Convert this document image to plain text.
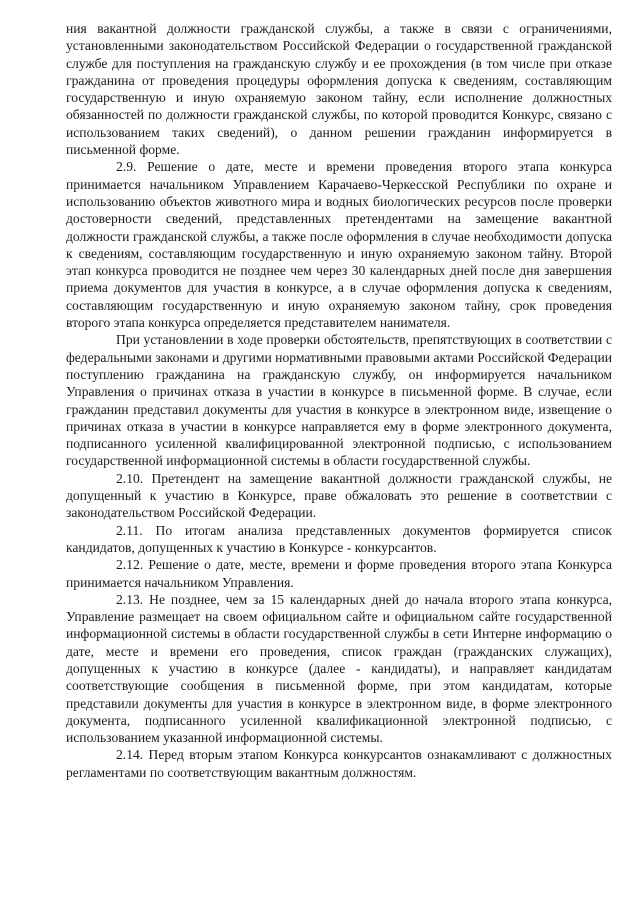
ния вакантной должности гражданской службы, а также в связи с ограничениями, установленными законодательством Российской Федерации о государственной гражданской службе для поступления на гражданскую службу и ее прохождения (в том числе при отказе гражданина от проведения процедуры оформления допуска к сведениям, составляющим государственную и иную охраняемую законом тайну, если исполнение должностных обязанностей по должности гражданской службы, по которой проводится Конкурс, связано с использованием таких сведений), о данном решении гражданин информируется в письменной форме.

2.9. Решение о дате, месте и времени проведения второго этапа конкурса принимается начальником Управлением Карачаево-Черкесской Республики по охране и использованию объектов животного мира и водных биологических ресурсов после проверки достоверности сведений, представленных претендентами на замещение вакантной должности гражданской службы, а также после оформления в случае необходимости допуска к сведениям, составляющим государственную и иную охраняемую законом тайну. Второй этап конкурса проводится не позднее чем через 30 календарных дней после дня завершения приема документов для участия в конкурсе, а в случае оформления допуска к сведениям, составляющим государственную и иную охраняемую законом тайну, срок проведения второго этапа конкурса определяется представителем нанимателя.

При установлении в ходе проверки обстоятельств, препятствующих в соответствии с федеральными законами и другими нормативными правовыми актами Российской Федерации поступлению гражданина на гражданскую службу, он информируется начальником Управления о причинах отказа в участии в конкурсе в письменной форме. В случае, если гражданин представил документы для участия в конкурсе в электронном виде, извещение о причинах отказа в участии в конкурсе направляется ему в форме электронного документа, подписанного усиленной квалифицированной электронной подписью, с использованием государственной информационной системы в области государственной службы.

2.10. Претендент на замещение вакантной должности гражданской службы, не допущенный к участию в Конкурсе, праве обжаловать это решение в соответствии с законодательством Российской Федерации.

2.11. По итогам анализа представленных документов формируется список кандидатов, допущенных к участию в Конкурсе - конкурсантов.

2.12. Решение о дате, месте, времени и форме проведения второго этапа Конкурса принимается начальником Управления.

2.13. Не позднее, чем за 15 календарных дней до начала второго этапа конкурса, Управление размещает на своем официальном сайте и официальном сайте государственной информационной системы в области государственной службы в сети Интерне информацию о дате, месте и времени его проведения, список граждан (гражданских служащих), допущенных к участию в конкурсе (далее - кандидаты), и направляет кандидатам соответствующие сообщения в письменной форме, при этом кандидатам, которые представили документы для участия в конкурсе в электронном виде, в форме электронного документа, подписанного усиленной квалификационной электронной подписью, с использованием указанной информационной системы.

2.14. Перед вторым этапом Конкурса конкурсантов ознакамливают с должностных регламентами по соответствующим вакантным должностям.
